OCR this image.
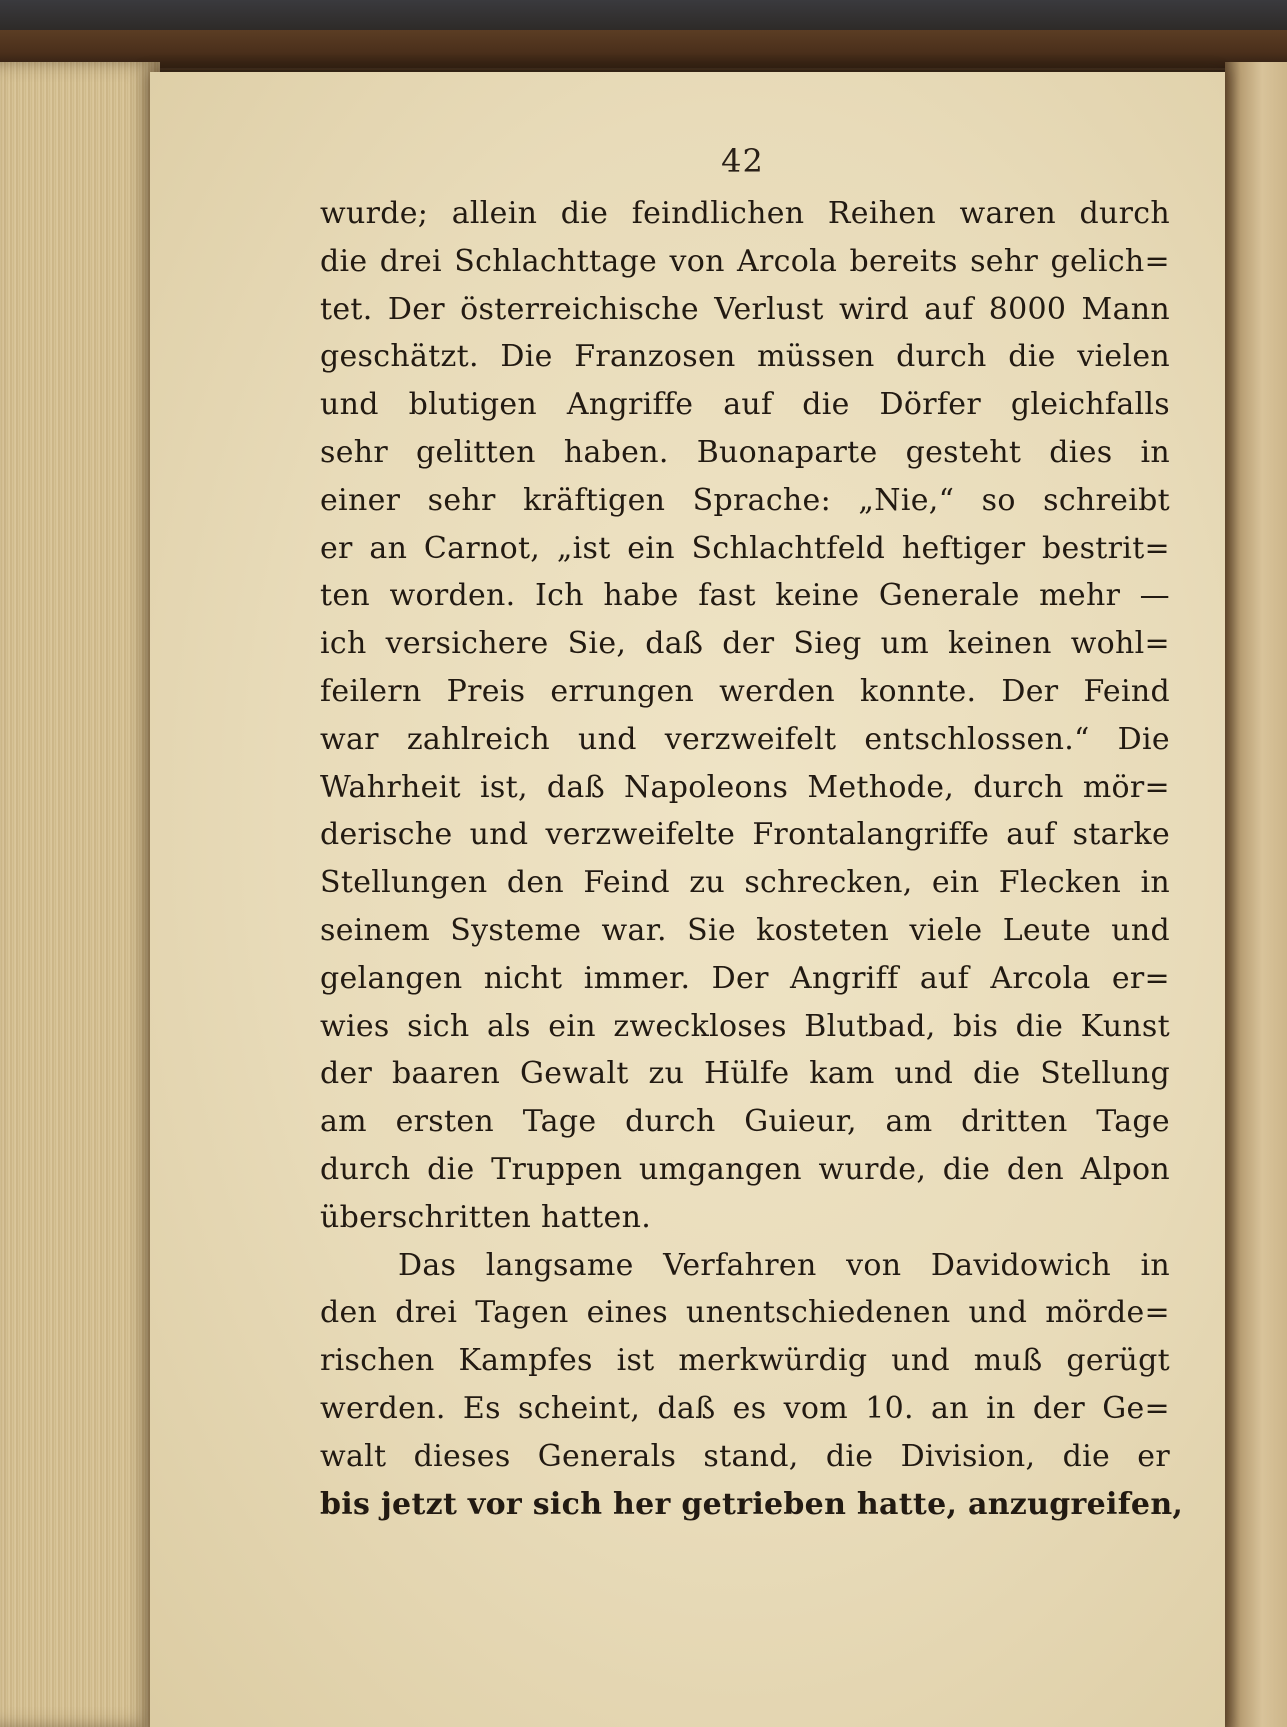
42
wurde; allein die feindlichen Reihen waren durch
die drei Schlachttage von Arcola bereits sehr gelich=
tet. Der österreichische Verlust wird auf 8000 Mann
geschätzt. Die Franzosen müssen durch die vielen
und blutigen Angriffe auf die Dörfer gleichfalls
sehr gelitten haben. Buonaparte gesteht dies in
einer sehr kräftigen Sprache: „Nie,“ so schreibt
er an Carnot, „ist ein Schlachtfeld heftiger bestrit=
ten worden. Ich habe fast keine Generale mehr —
ich versichere Sie, daß der Sieg um keinen wohl=
feilern Preis errungen werden konnte. Der Feind
war zahlreich und verzweifelt entschlossen.“ Die
Wahrheit ist, daß Napoleons Methode, durch mör=
derische und verzweifelte Frontalangriffe auf starke
Stellungen den Feind zu schrecken, ein Flecken in
seinem Systeme war. Sie kosteten viele Leute und
gelangen nicht immer. Der Angriff auf Arcola er=
wies sich als ein zweckloses Blutbad, bis die Kunst
der baaren Gewalt zu Hülfe kam und die Stellung
am ersten Tage durch Guieur, am dritten Tage
durch die Truppen umgangen wurde, die den Alpon
überschritten hatten.
Das langsame Verfahren von Davidowich in
den drei Tagen eines unentschiedenen und mörde=
rischen Kampfes ist merkwürdig und muß gerügt
werden. Es scheint, daß es vom 10. an in der Ge=
walt dieses Generals stand, die Division, die er
bis jetzt vor sich her getrieben hatte, anzugreifen,
